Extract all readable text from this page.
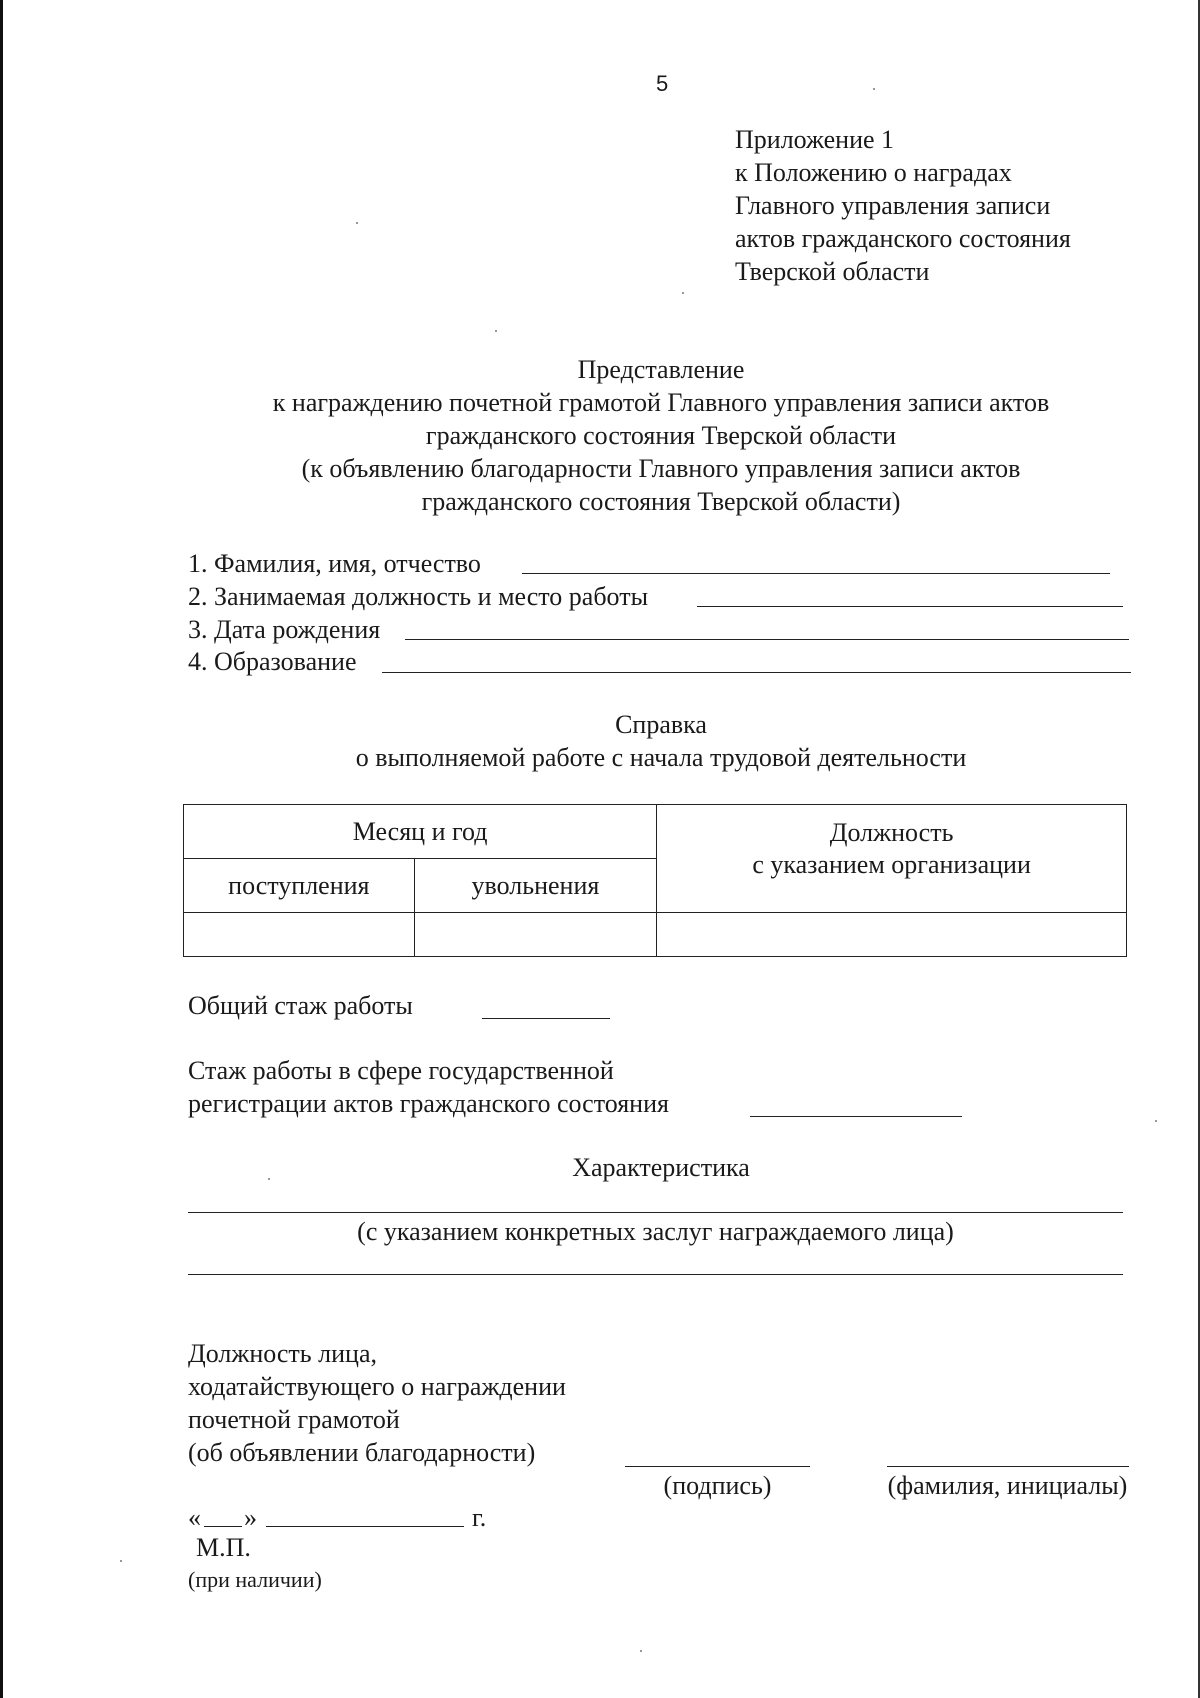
5
Приложение 1
к Положению о наградах
Главного управления записи
актов гражданского состояния
Тверской области
Представление
к награждению почетной грамотой Главного управления записи актов
гражданского состояния Тверской области
(к объявлению благодарности Главного управления записи актов
гражданского состояния Тверской области)
1. Фамилия, имя, отчество
2. Занимаемая должность и место работы
3. Дата рождения
4. Образование
Справка
о выполняемой работе с начала трудовой деятельности
Месяц и год		Должность
с указанием организации

поступления	увольнения	

Общий стаж работы
Стаж работы в сфере государственной
регистрации актов гражданского состояния
Характеристика
(с указанием конкретных заслуг награждаемого лица)
Должность лица,
ходатайствующего о награждении
почетной грамотой
(об объявлении благодарности)
(подпись)	(фамилия, инициалы)
« »	г.
М.П.
(при наличии)
